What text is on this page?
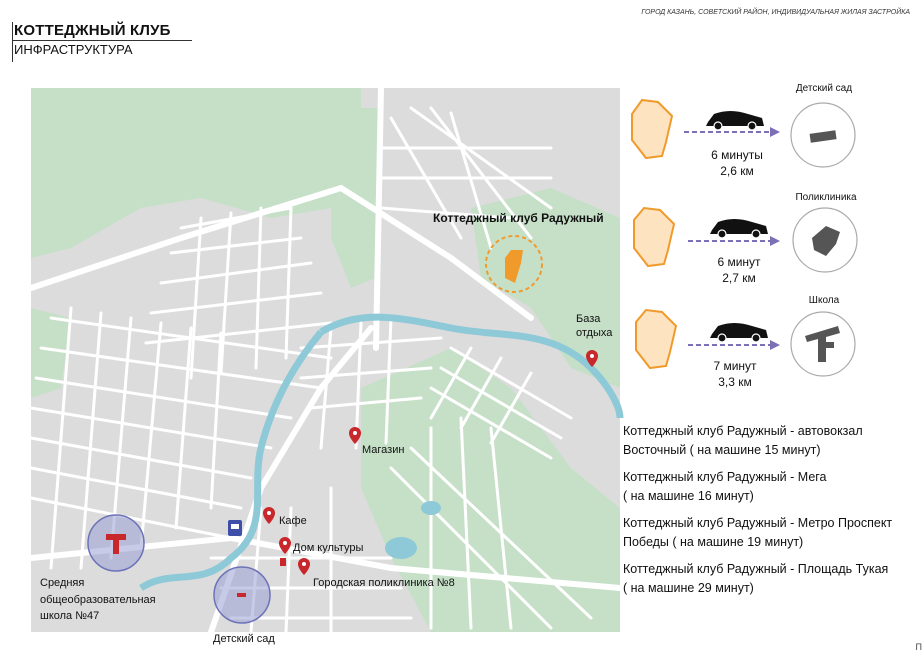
КОТТЕДЖНЫЙ КЛУБ
ИНФРАСТРУКТУРА
ГОРОД КАЗАНЬ, СОВЕТСКИЙ РАЙОН, ИНДИВИДУАЛЬНАЯ ЖИЛАЯ ЗАСТРОЙКА
Коттеджный клуб Радужный
База
отдыха
Магазин
Кафе
Дом культуры
Городская поликлиника №8
Средняя
общеобразовательная
школа №47
Детский сад
Детский сад
6 минуты
2,6 км
Поликлиника
6 минут
2,7 км
Школа
7 минут
3,3 км
Коттеджный клуб Радужный - автовокзал
Восточный ( на машине 15 минут)
Коттеджный клуб Радужный - Мега
( на машине 16 минут)
Коттеджный клуб Радужный - Метро Проспект
Победы ( на машине 19 минут)
Коттеджный клуб Радужный - Площадь Тукая
( на машине 29 минут)
П
